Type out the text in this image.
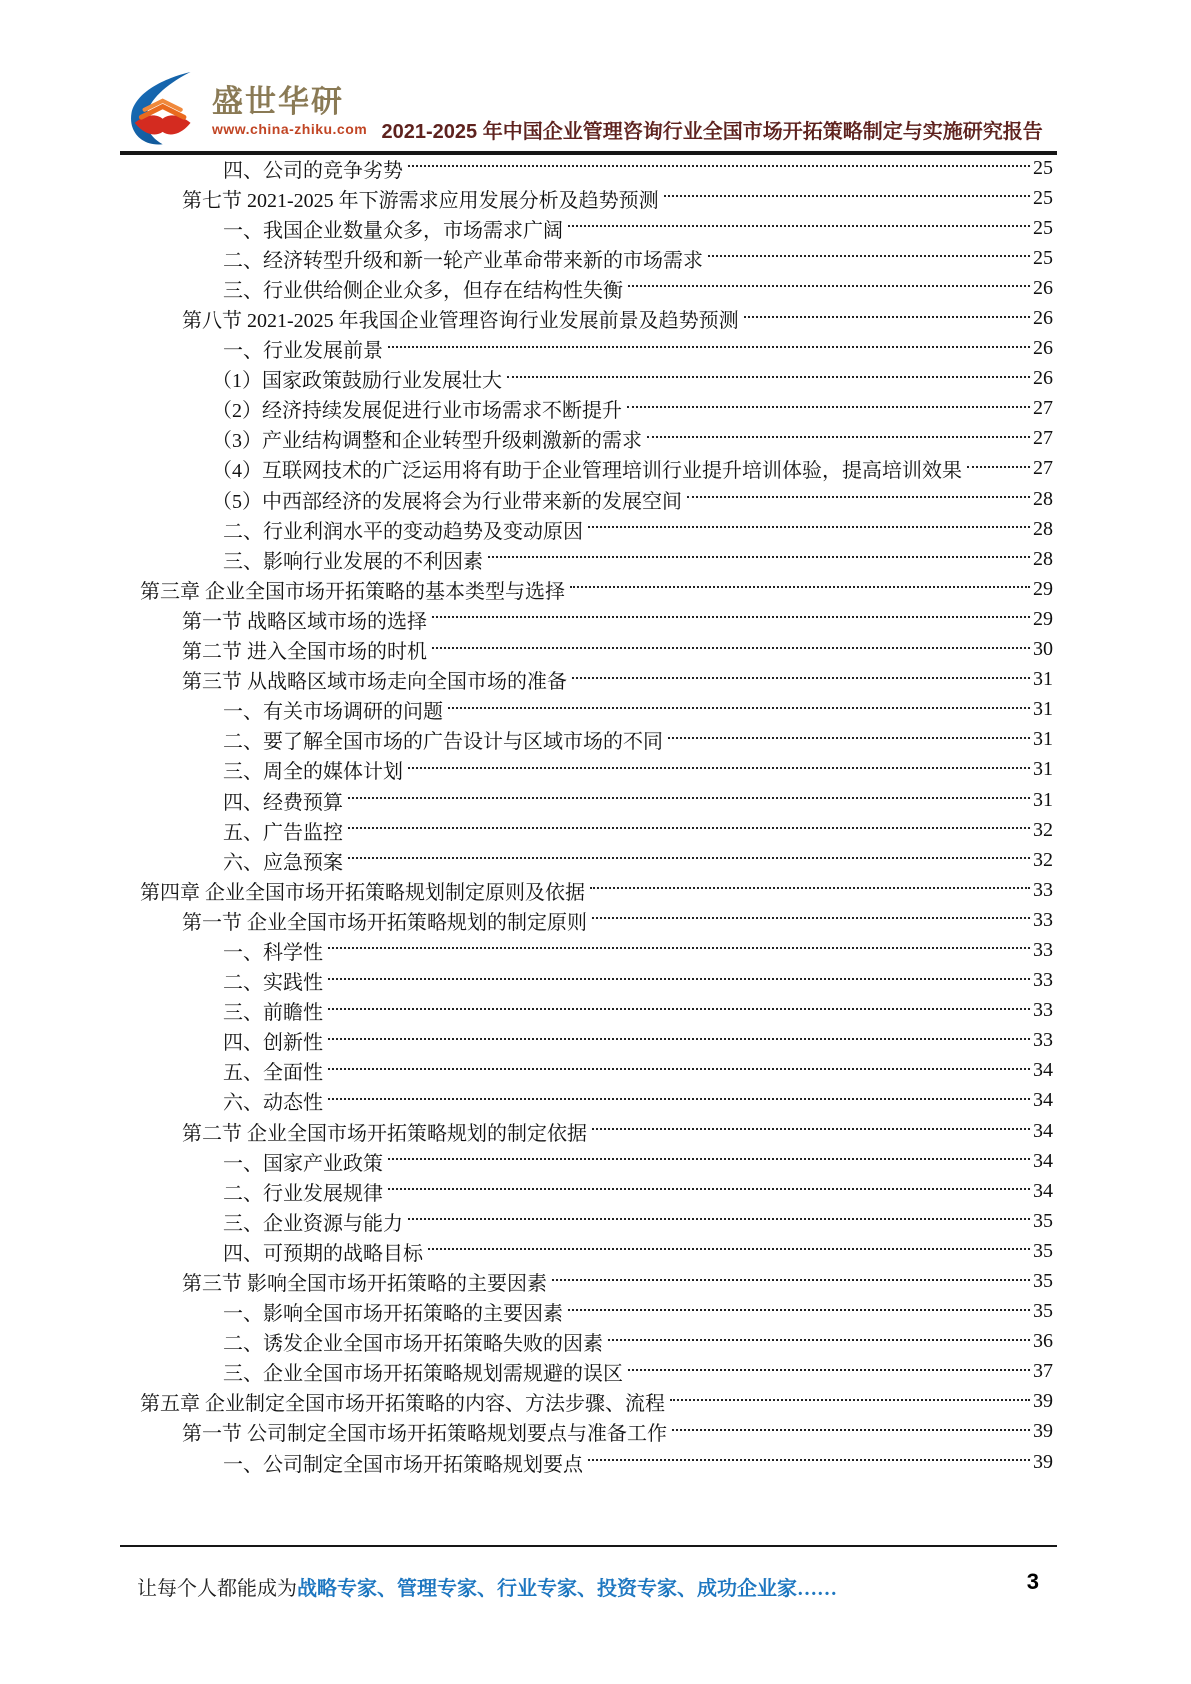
盛世华研
www.china-zhiku.com 2021-2025 年中国企业管理咨询行业全国市场开拓策略制定与实施研究报告
四、公司的竞争劣势	25
第七节 2021-2025 年下游需求应用发展分析及趋势预测	25
一、我国企业数量众多，市场需求广阔	25
二、经济转型升级和新一轮产业革命带来新的市场需求	25
三、行业供给侧企业众多，但存在结构性失衡	26
第八节 2021-2025 年我国企业管理咨询行业发展前景及趋势预测	26
一、行业发展前景	26
（1）国家政策鼓励行业发展壮大	26
（2）经济持续发展促进行业市场需求不断提升	27
（3）产业结构调整和企业转型升级刺激新的需求	27
（4）互联网技术的广泛运用将有助于企业管理培训行业提升培训体验，提高培训效果	27
（5）中西部经济的发展将会为行业带来新的发展空间	28
二、行业利润水平的变动趋势及变动原因	28
三、影响行业发展的不利因素	28
第三章 企业全国市场开拓策略的基本类型与选择	29
第一节 战略区域市场的选择	29
第二节 进入全国市场的时机	30
第三节 从战略区域市场走向全国市场的准备	31
一、有关市场调研的问题	31
二、要了解全国市场的广告设计与区域市场的不同	31
三、周全的媒体计划	31
四、经费预算	31
五、广告监控	32
六、应急预案	32
第四章 企业全国市场开拓策略规划制定原则及依据	33
第一节 企业全国市场开拓策略规划的制定原则	33
一、科学性	33
二、实践性	33
三、前瞻性	33
四、创新性	33
五、全面性	34
六、动态性	34
第二节 企业全国市场开拓策略规划的制定依据	34
一、国家产业政策	34
二、行业发展规律	34
三、企业资源与能力	35
四、可预期的战略目标	35
第三节 影响全国市场开拓策略的主要因素	35
一、影响全国市场开拓策略的主要因素	35
二、诱发企业全国市场开拓策略失败的因素	36
三、企业全国市场开拓策略规划需规避的误区	37
第五章 企业制定全国市场开拓策略的内容、方法步骤、流程	39
第一节 公司制定全国市场开拓策略规划要点与准备工作	39
一、公司制定全国市场开拓策略规划要点	39
让每个人都能成为战略专家、管理专家、行业专家、投资专家、成功企业家……	3
